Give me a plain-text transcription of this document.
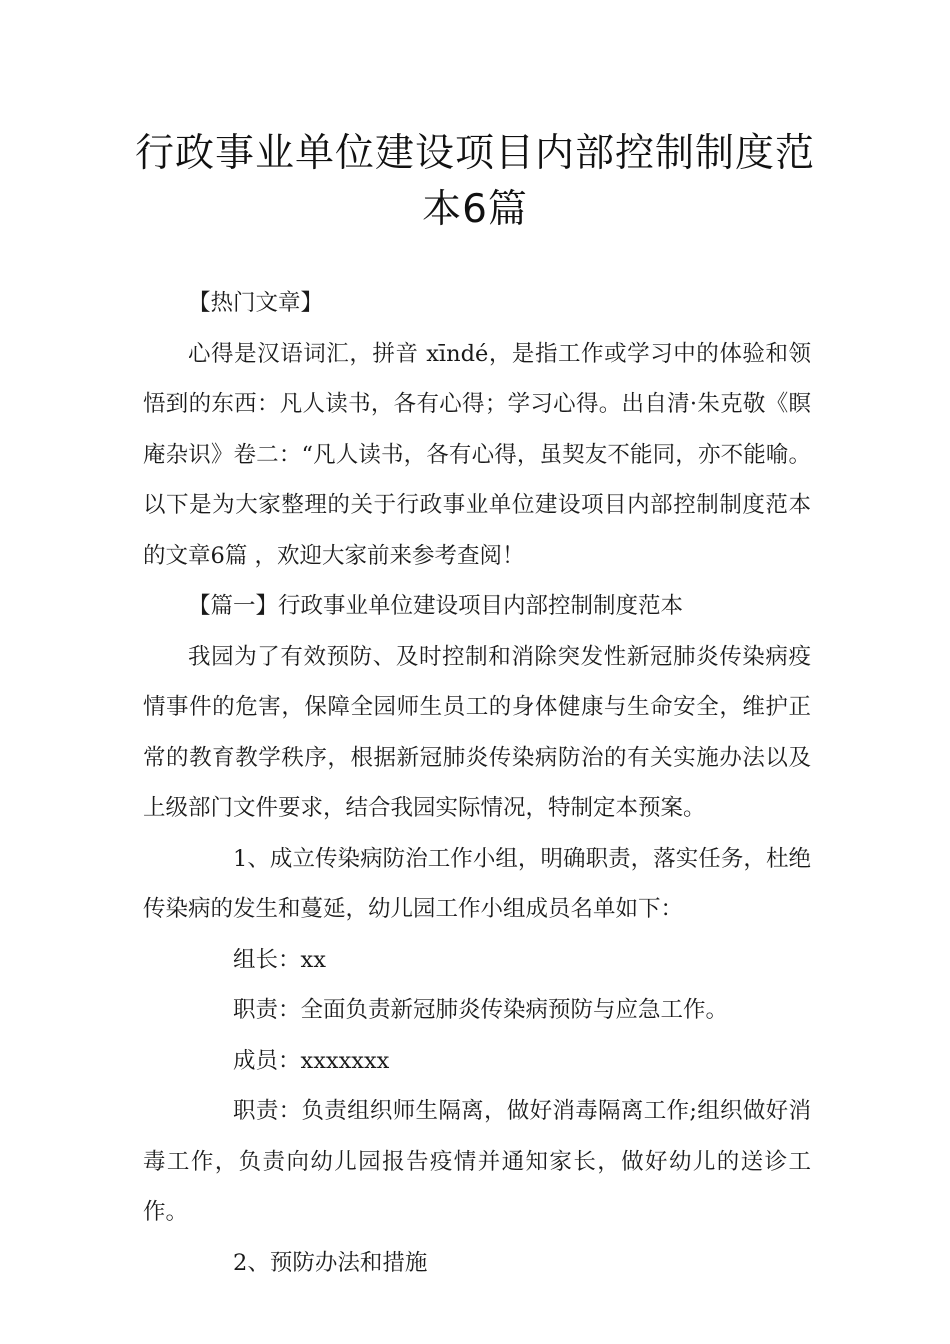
行政事业单位建设项目内部控制制度范
本6篇

【热门文章】

心得是汉语词汇，拼音 xīndé，是指工作或学习中的体验和领悟到的东西：凡人读书，各有心得；学习心得。出自清·朱克敬《瞑庵杂识》卷二：“凡人读书，各有心得，虽契友不能同，亦不能喻。 以下是为大家整理的关于行政事业单位建设项目内部控制制度范本的文章6篇 ，欢迎大家前来参考查阅！

【篇一】行政事业单位建设项目内部控制制度范本

我园为了有效预防、及时控制和消除突发性新冠肺炎传染病疫情事件的危害，保障全园师生员工的身体健康与生命安全，维护正常的教育教学秩序，根据新冠肺炎传染病防治的有关实施办法以及上级部门文件要求，结合我园实际情况，特制定本预案。

1、成立传染病防治工作小组，明确职责，落实任务，杜绝传染病的发生和蔓延，幼儿园工作小组成员名单如下：

组长：xx

职责：全面负责新冠肺炎传染病预防与应急工作。

成员：xxxxxxx

职责：负责组织师生隔离，做好消毒隔离工作;组织做好消毒工作，负责向幼儿园报告疫情并通知家长，做好幼儿的送诊工作。

2、预防办法和措施
